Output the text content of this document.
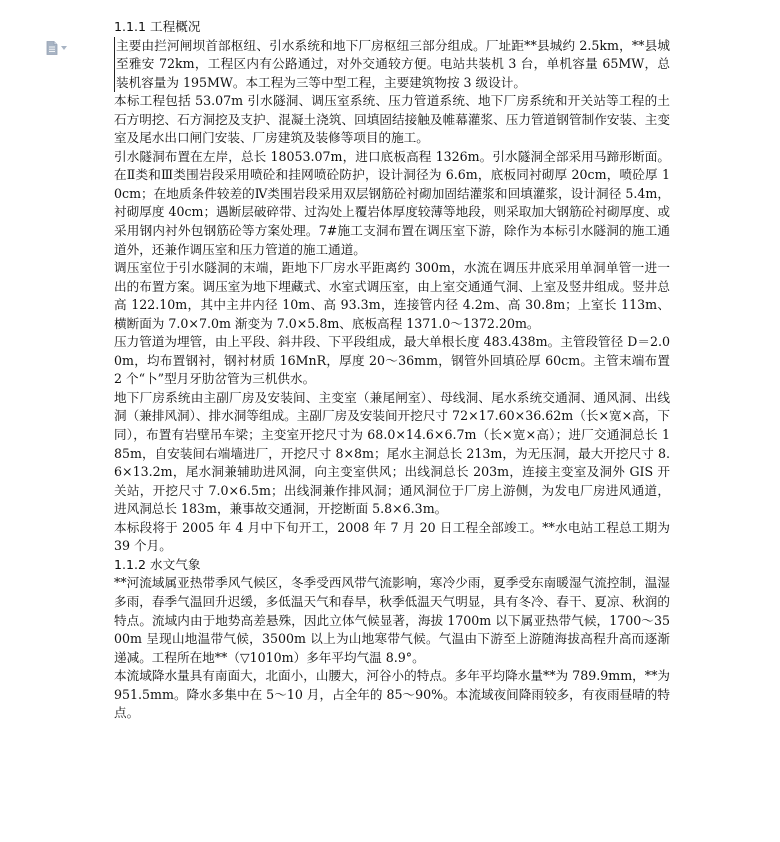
1.1.1 工程概况

主要由拦河闸坝首部枢纽、引水系统和地下厂房枢纽三部分组成。厂址距**县城约 2.5km，**县城至雅安 72km，工程区内有公路通过，对外交通较方便。电站共装机 3 台，单机容量 65MW，总装机容量为 195MW。本工程为三等中型工程，主要建筑物按 3 级设计。

本标工程包括 53.07m 引水隧洞、调压室系统、压力管道系统、地下厂房系统和开关站等工程的土石方明挖、石方洞挖及支护、混凝土浇筑、回填固结接触及帷幕灌浆、压力管道钢管制作安装、主变室及尾水出口闸门安装、厂房建筑及装修等项目的施工。

引水隧洞布置在左岸，总长 18053.07m，进口底板高程 1326m。引水隧洞全部采用马蹄形断面。在Ⅱ类和Ⅲ类围岩段采用喷砼和挂网喷砼防护，设计洞径为 6.6m，底板同衬砌厚 20cm，喷砼厚 10cm；在地质条件较差的Ⅳ类围岩段采用双层钢筋砼衬砌加固结灌浆和回填灌浆，设计洞径 5.4m，衬砌厚度 40cm；遇断层破碎带、过沟处上覆岩体厚度较薄等地段，则采取加大钢筋砼衬砌厚度、或采用钢内衬外包钢筋砼等方案处理。7#施工支洞布置在调压室下游，除作为本标引水隧洞的施工通道外，还兼作调压室和压力管道的施工通道。

调压室位于引水隧洞的末端，距地下厂房水平距离约 300m，水流在调压井底采用单洞单管一进一出的布置方案。调压室为地下埋藏式、水室式调压室，由上室交通通气洞、上室及竖井组成。竖井总高 122.10m，其中主井内径 10m、高 93.3m，连接管内径 4.2m、高 30.8m；上室长 113m、横断面为 7.0×7.0m 渐变为 7.0×5.8m、底板高程 1371.0～1372.20m。

压力管道为埋管，由上平段、斜井段、下平段组成，最大单根长度 483.438m。主管段管径 D＝2.00m，均布置钢衬，钢衬材质 16MnR，厚度 20～36mm，钢管外回填砼厚 60cm。主管末端布置 2 个“卜”型月牙肋岔管为三机供水。

地下厂房系统由主副厂房及安装间、主变室（兼尾闸室）、母线洞、尾水系统交通洞、通风洞、出线洞（兼排风洞）、排水洞等组成。主副厂房及安装间开挖尺寸 72×17.60×36.62m（长×宽×高，下同），布置有岩壁吊车梁；主变室开挖尺寸为 68.0×14.6×6.7m（长×宽×高）；进厂交通洞总长 185m，自安装间右端墙进厂，开挖尺寸 8×8m；尾水主洞总长 213m，为无压洞，最大开挖尺寸 8.6×13.2m，尾水洞兼辅助进风洞，向主变室供风；出线洞总长 203m，连接主变室及洞外 GIS 开关站，开挖尺寸 7.0×6.5m；出线洞兼作排风洞；通风洞位于厂房上游侧，为发电厂房进风通道，进风洞总长 183m，兼事故交通洞，开挖断面 5.8×6.3m。

本标段将于 2005 年 4 月中下旬开工，2008 年 7 月 20 日工程全部竣工。**水电站工程总工期为 39 个月。

1.1.2 水文气象

**河流域属亚热带季风气候区，冬季受西风带气流影响，寒冷少雨，夏季受东南暖湿气流控制，温湿多雨，春季气温回升迟缓，多低温天气和春旱，秋季低温天气明显，具有冬冷、春干、夏凉、秋润的特点。流域内由于地势高差悬殊，因此立体气候显著，海拔 1700m 以下属亚热带气候，1700～3500m 呈现山地温带气候，3500m 以上为山地寒带气候。气温由下游至上游随海拔高程升高而逐渐递减。工程所在地**（▽1010m）多年平均气温 8.9°。

本流域降水量具有南面大，北面小，山腰大，河谷小的特点。多年平均降水量**为 789.9mm，**为 951.5mm。降水多集中在 5～10 月，占全年的 85～90%。本流域夜间降雨较多，有夜雨昼晴的特点。
